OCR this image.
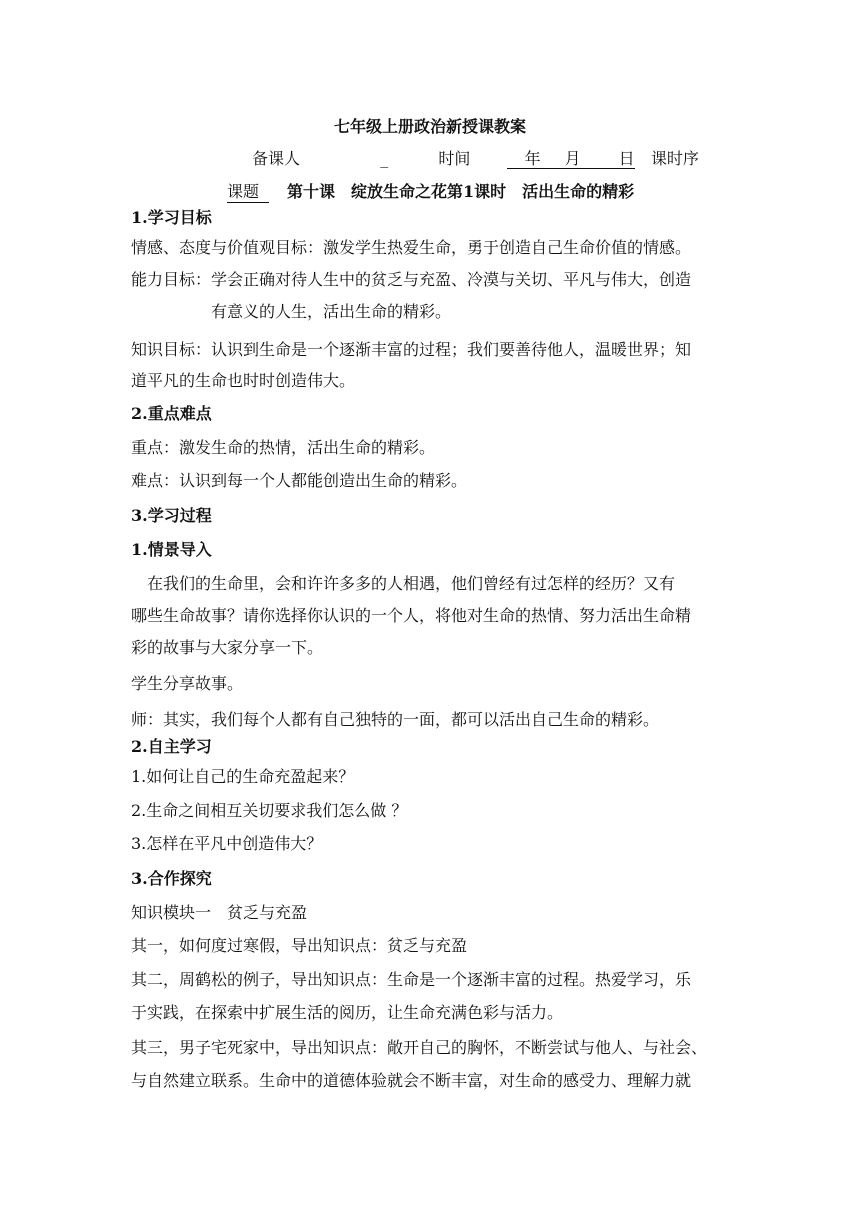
七年级上册政治新授课教案
备课人	_	时间	年 月 日 课时序
课题 第十课　绽放生命之花第1课时　活出生命的精彩
1.学习目标
情感、态度与价值观目标：激发学生热爱生命，勇于创造自己生命价值的情感。
能力目标：学会正确对待人生中的贫乏与充盈、冷漠与关切、平凡与伟大，创造
有意义的人生，活出生命的精彩。
知识目标：认识到生命是一个逐渐丰富的过程；我们要善待他人，温暖世界；知
道平凡的生命也时时创造伟大。
2.重点难点
重点：激发生命的热情，活出生命的精彩。
难点：认识到每一个人都能创造出生命的精彩。
3.学习过程
1.情景导入
　在我们的生命里，会和许许多多的人相遇，他们曾经有过怎样的经历？又有
哪些生命故事？请你选择你认识的一个人，将他对生命的热情、努力活出生命精
彩的故事与大家分享一下。
学生分享故事。
师：其实，我们每个人都有自己独特的一面，都可以活出自己生命的精彩。
2.自主学习
1.如何让自己的生命充盈起来？
2.生命之间相互关切要求我们怎么做 ？
3.怎样在平凡中创造伟大？
3.合作探究
知识模块一　贫乏与充盈
其一，如何度过寒假，导出知识点：贫乏与充盈
其二，周鹤松的例子，导出知识点：生命是一个逐渐丰富的过程。热爱学习，乐
于实践，在探索中扩展生活的阅历，让生命充满色彩与活力。
其三，男子宅死家中，导出知识点：敞开自己的胸怀，不断尝试与他人、与社会、
与自然建立联系。生命中的道德体验就会不断丰富，对生命的感受力、理解力就
